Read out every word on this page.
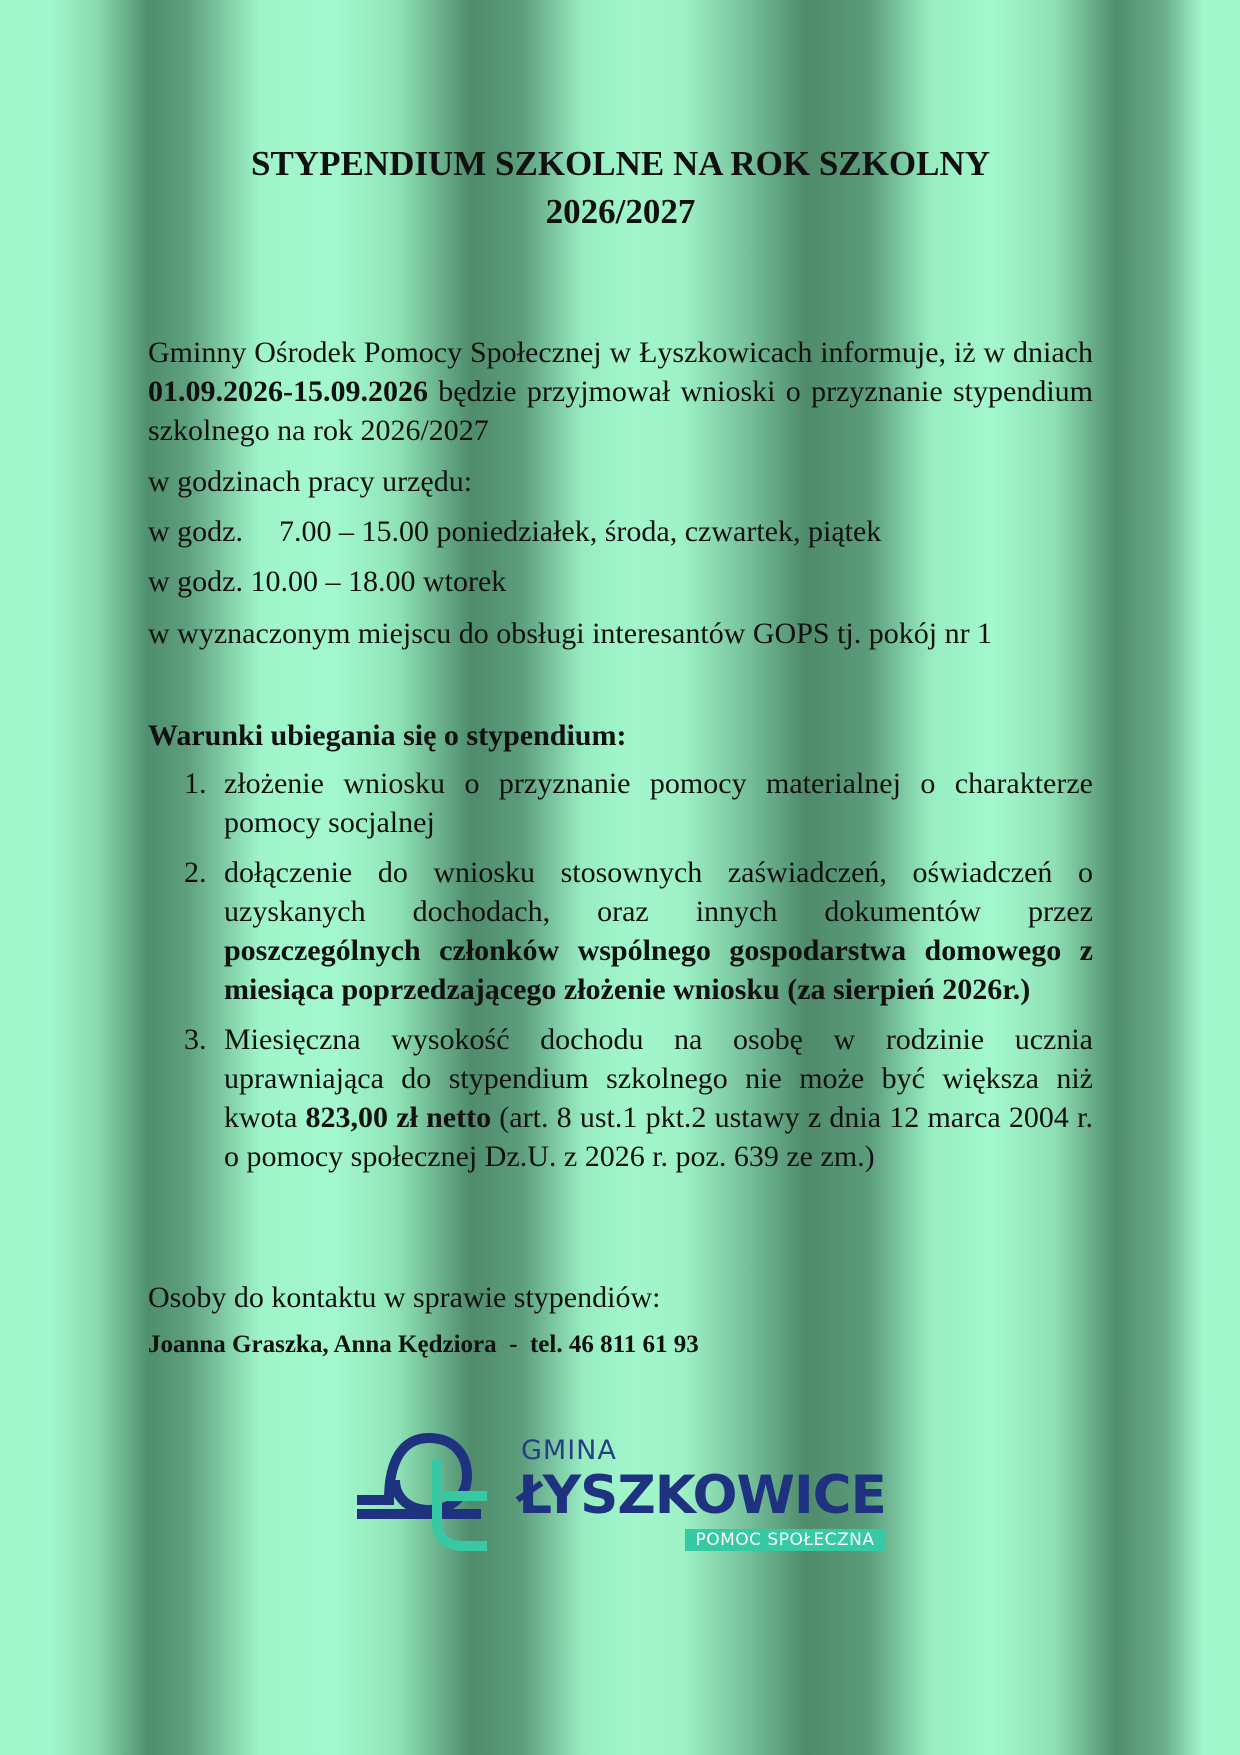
STYPENDIUM SZKOLNE NA ROK SZKOLNY
2026/2027

Gminny Ośrodek Pomocy Społecznej w Łyszkowicach informuje, iż w dniach 01.09.2026-15.09.2026 będzie przyjmował wnioski o przyznanie stypendium szkolnego na rok 2026/2027

w godzinach pracy urzędu:
w godz. 7.00 – 15.00 poniedziałek, środa, czwartek, piątek
w godz. 10.00 – 18.00 wtorek
w wyznaczonym miejscu do obsługi interesantów GOPS tj. pokój nr 1
Warunki ubiegania się o stypendium:
1. złożenie wniosku o przyznanie pomocy materialnej o charakterze pomocy socjalnej
2. dołączenie do wniosku stosownych zaświadczeń, oświadczeń o uzyskanych dochodach, oraz innych dokumentów przez poszczególnych członków wspólnego gospodarstwa domowego z miesiąca poprzedzającego złożenie wniosku (za sierpień 2026r.)
3. Miesięczna wysokość dochodu na osobę w rodzinie ucznia uprawniająca do stypendium szkolnego nie może być większa niż kwota 823,00 zł netto (art. 8 ust.1 pkt.2 ustawy z dnia 12 marca 2004 r. o pomocy społecznej Dz.U. z 2026 r. poz. 639 ze zm.)
Osoby do kontaktu w sprawie stypendiów:
Joanna Graszka, Anna Kędziora  -  tel. 46 811 61 93
GMINA
ŁYSZKOWICE
POMOC SPOŁECZNA
